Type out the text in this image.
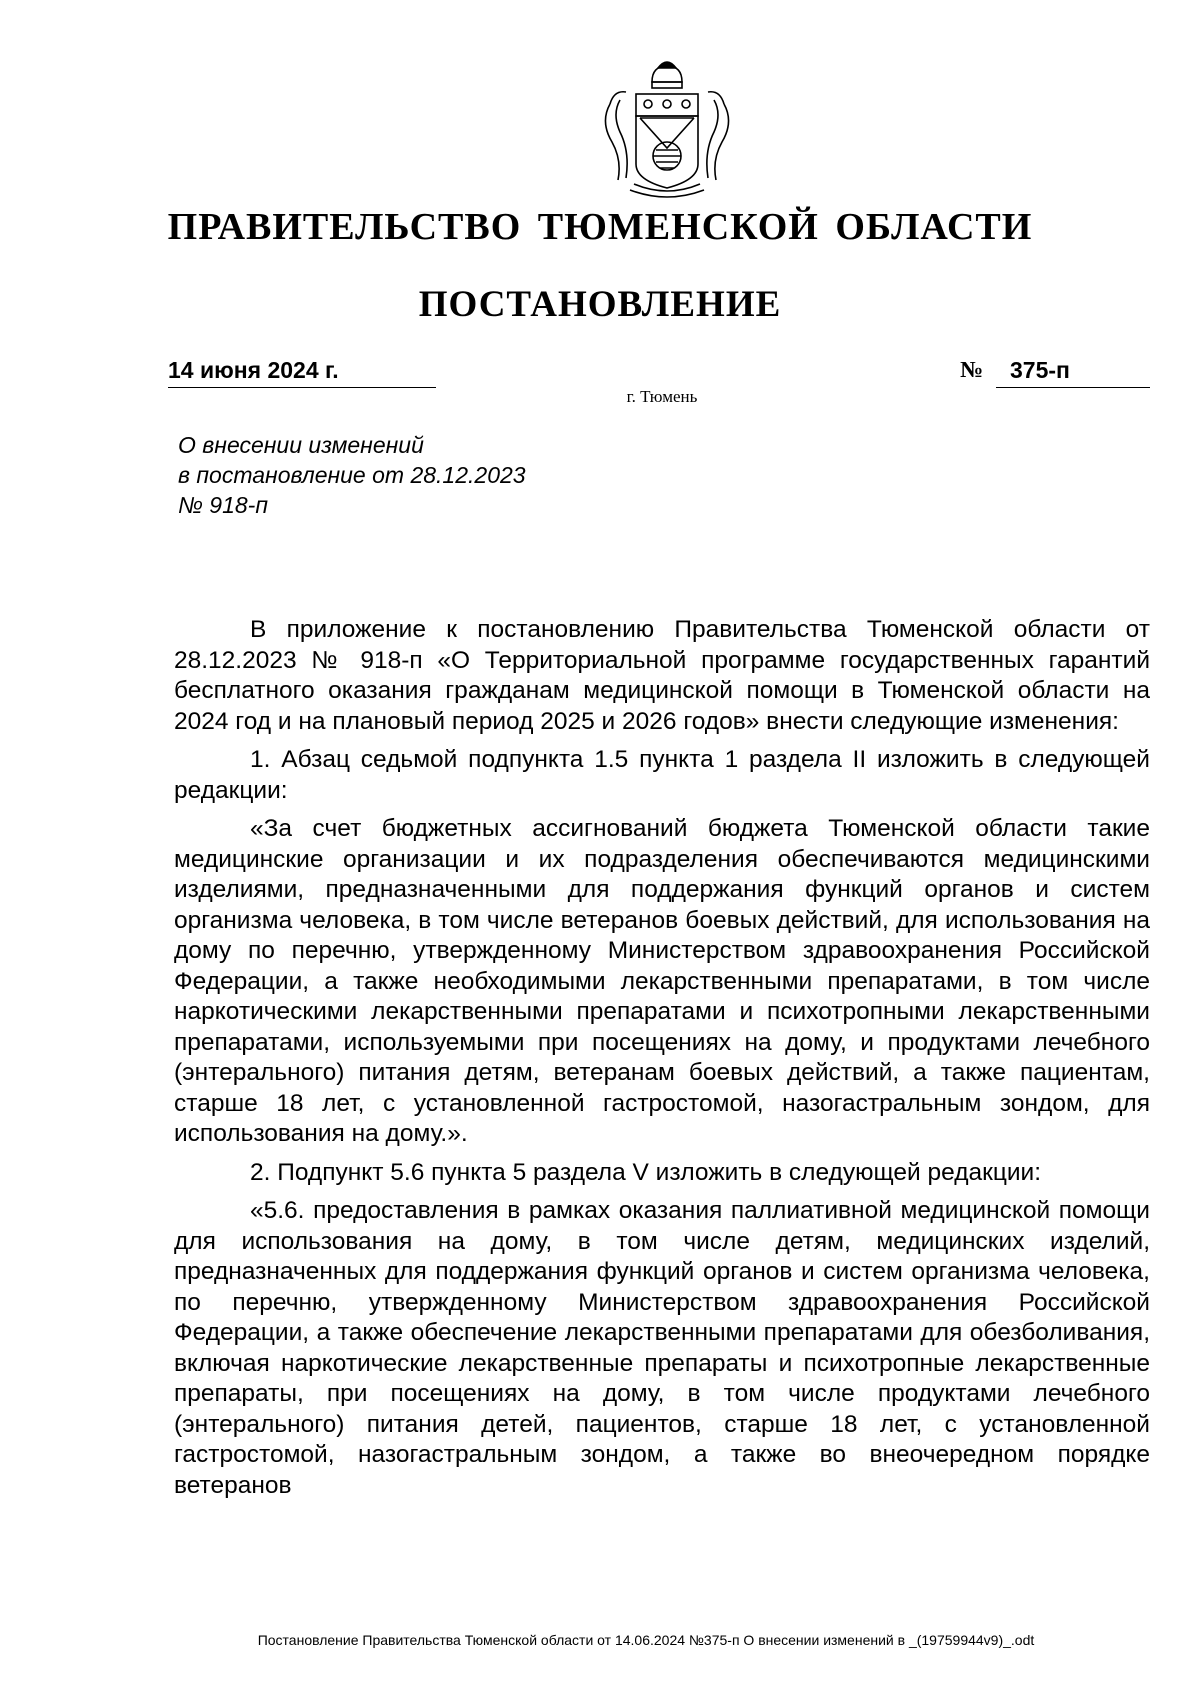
ПРАВИТЕЛЬСТВО ТЮМЕНСКОЙ ОБЛАСТИ
ПОСТАНОВЛЕНИЕ
14 июня 2024 г.	№ 375-п
г. Тюмень
О внесении изменений
в постановление от 28.12.2023
№ 918-п

В приложение к постановлению Правительства Тюменской области от 28.12.2023 № 918-п «О Территориальной программе государственных гарантий бесплатного оказания гражданам медицинской помощи в Тюменской области на 2024 год и на плановый период 2025 и 2026 годов» внести следующие изменения:

1. Абзац седьмой подпункта 1.5 пункта 1 раздела II изложить в следующей редакции:

«За счет бюджетных ассигнований бюджета Тюменской области такие медицинские организации и их подразделения обеспечиваются медицинскими изделиями, предназначенными для поддержания функций органов и систем организма человека, в том числе ветеранов боевых действий, для использования на дому по перечню, утвержденному Министерством здравоохранения Российской Федерации, а также необходимыми лекарственными препаратами, в том числе наркотическими лекарственными препаратами и психотропными лекарственными препаратами, используемыми при посещениях на дому, и продуктами лечебного (энтерального) питания детям, ветеранам боевых действий, а также пациентам, старше 18 лет, с установленной гастростомой, назогастральным зондом, для использования на дому.».

2. Подпункт 5.6 пункта 5 раздела V изложить в следующей редакции:

«5.6. предоставления в рамках оказания паллиативной медицинской помощи для использования на дому, в том числе детям, медицинских изделий, предназначенных для поддержания функций органов и систем организма человека, по перечню, утвержденному Министерством здравоохранения Российской Федерации, а также обеспечение лекарственными препаратами для обезболивания, включая наркотические лекарственные препараты и психотропные лекарственные препараты, при посещениях на дому, в том числе продуктами лечебного (энтерального) питания детей, пациентов, старше 18 лет, с установленной гастростомой, назогастральным зондом, а также во внеочередном порядке ветеранов

Постановление Правительства Тюменской области от 14.06.2024 №375-п О внесении изменений в _(19759944v9)_.odt
